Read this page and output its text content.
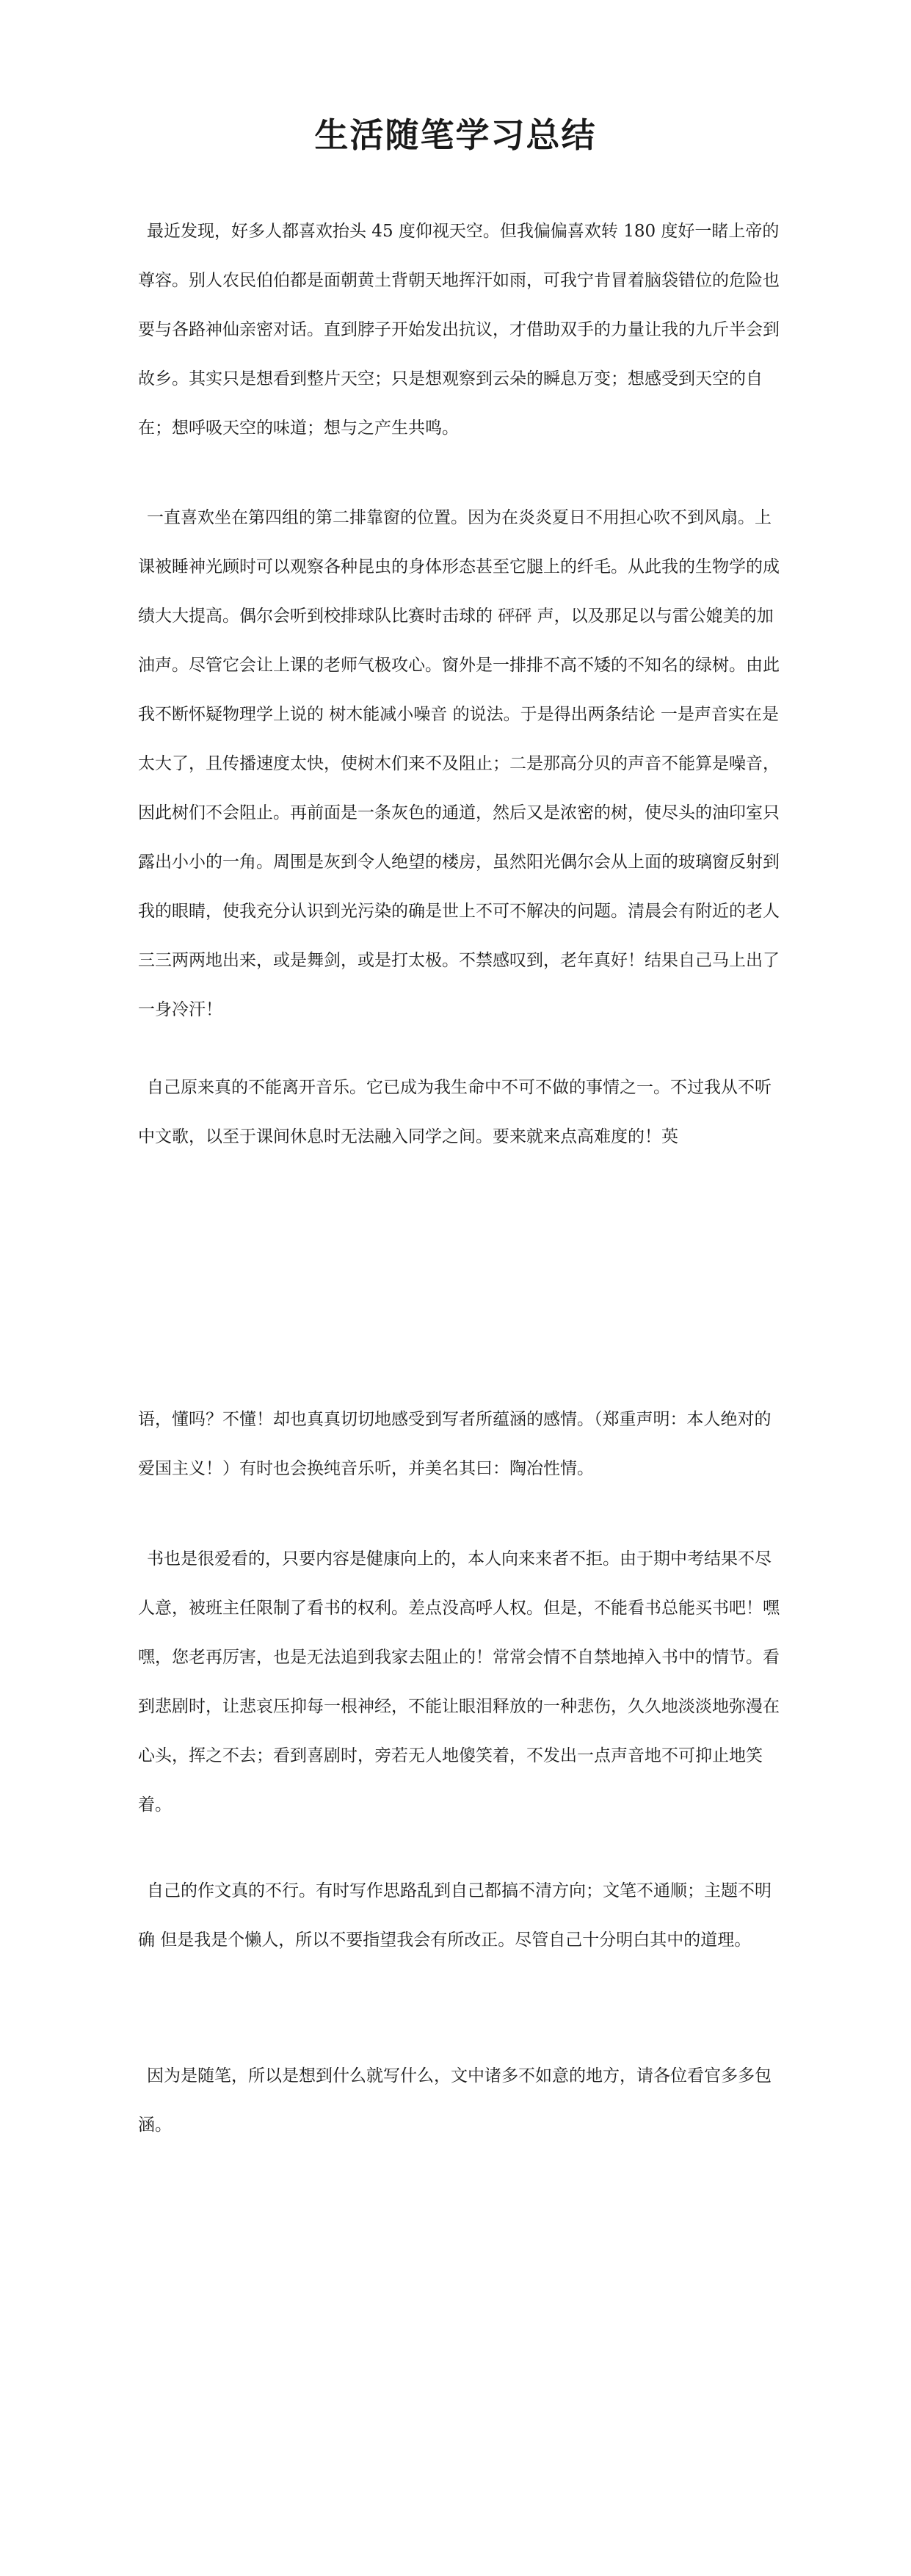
生活随笔学习总结

最近发现，好多人都喜欢抬头 45 度仰视天空。但我偏偏喜欢转 180 度好一睹上帝的尊容。别人农民伯伯都是面朝黄土背朝天地挥汗如雨，可我宁肯冒着脑袋错位的危险也要与各路神仙亲密对话。直到脖子开始发出抗议，才借助双手的力量让我的九斤半会到故乡。其实只是想看到整片天空；只是想观察到云朵的瞬息万变；想感受到天空的自在；想呼吸天空的味道；想与之产生共鸣。

一直喜欢坐在第四组的第二排靠窗的位置。因为在炎炎夏日不用担心吹不到风扇。上课被睡神光顾时可以观察各种昆虫的身体形态甚至它腿上的纤毛。从此我的生物学的成绩大大提高。偶尔会听到校排球队比赛时击球的 砰砰 声，以及那足以与雷公媲美的加油声。尽管它会让上课的老师气极攻心。窗外是一排排不高不矮的不知名的绿树。由此我不断怀疑物理学上说的 树木能减小噪音 的说法。于是得出两条结论 一是声音实在是太大了，且传播速度太快，使树木们来不及阻止；二是那高分贝的声音不能算是噪音，因此树们不会阻止。再前面是一条灰色的通道，然后又是浓密的树，使尽头的油印室只露出小小的一角。周围是灰到令人绝望的楼房，虽然阳光偶尔会从上面的玻璃窗反射到我的眼睛，使我充分认识到光污染的确是世上不可不解决的问题。清晨会有附近的老人三三两两地出来，或是舞剑，或是打太极。不禁感叹到，老年真好！结果自己马上出了一身冷汗！

自己原来真的不能离开音乐。它已成为我生命中不可不做的事情之一。不过我从不听中文歌，以至于课间休息时无法融入同学之间。要来就来点高难度的！英

语，懂吗？不懂！却也真真切切地感受到写者所蕴涵的感情。（郑重声明：本人绝对的爱国主义！）有时也会换纯音乐听，并美名其曰：陶冶性情。

书也是很爱看的，只要内容是健康向上的，本人向来来者不拒。由于期中考结果不尽人意，被班主任限制了看书的权利。差点没高呼人权。但是，不能看书总能买书吧！嘿嘿，您老再厉害，也是无法追到我家去阻止的！常常会情不自禁地掉入书中的情节。看到悲剧时，让悲哀压抑每一根神经，不能让眼泪释放的一种悲伤，久久地淡淡地弥漫在心头，挥之不去；看到喜剧时，旁若无人地傻笑着，不发出一点声音地不可抑止地笑着。

自己的作文真的不行。有时写作思路乱到自己都搞不清方向；文笔不通顺；主题不明确 但是我是个懒人，所以不要指望我会有所改正。尽管自己十分明白其中的道理。

因为是随笔，所以是想到什么就写什么，文中诸多不如意的地方，请各位看官多多包涵。
